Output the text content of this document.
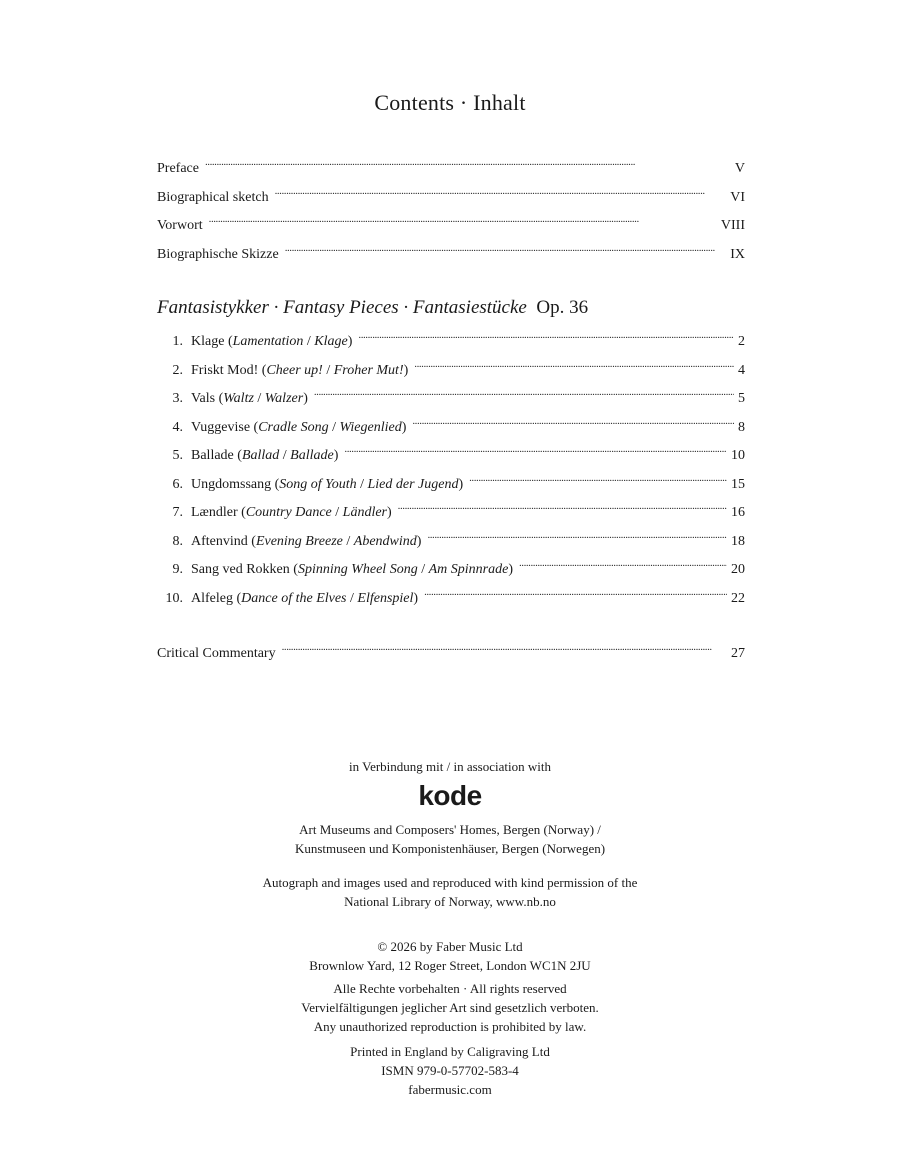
Contents · Inhalt
Preface . . .	V
Biographical sketch . . .	VI
Vorwort . . .	VIII
Biographische Skizze . . .	IX
Fantasistykker · Fantasy Pieces · Fantasiestücke Op. 36
1. Klage (Lamentation / Klage) . . .	2
2. Friskt Mod! (Cheer up! / Froher Mut!) . . .	4
3. Vals (Waltz / Walzer) . . .	5
4. Vuggevise (Cradle Song / Wiegenlied) . . .	8
5. Ballade (Ballad / Ballade) . . .	10
6. Ungdomssang (Song of Youth / Lied der Jugend) . . .	15
7. Lændler (Country Dance / Ländler) . . .	16
8. Aftenvind (Evening Breeze / Abendwind) . . .	18
9. Sang ved Rokken (Spinning Wheel Song / Am Spinnrade) . . .	20
10. Alfeleg (Dance of the Elves / Elfenspiel) . . .	22
Critical Commentary . . .	27
in Verbindung mit / in association with
kode
Art Museums and Composers' Homes, Bergen (Norway) /
Kunstmuseen und Komponistenhäuser, Bergen (Norwegen)
Autograph and images used and reproduced with kind permission of the
National Library of Norway, www.nb.no
© 2026 by Faber Music Ltd
Brownlow Yard, 12 Roger Street, London WC1N 2JU
Alle Rechte vorbehalten · All rights reserved
Vervielfältigungen jeglicher Art sind gesetzlich verboten.
Any unauthorized reproduction is prohibited by law.
Printed in England by Caligraving Ltd
ISMN 979-0-57702-583-4
fabermusic.com
